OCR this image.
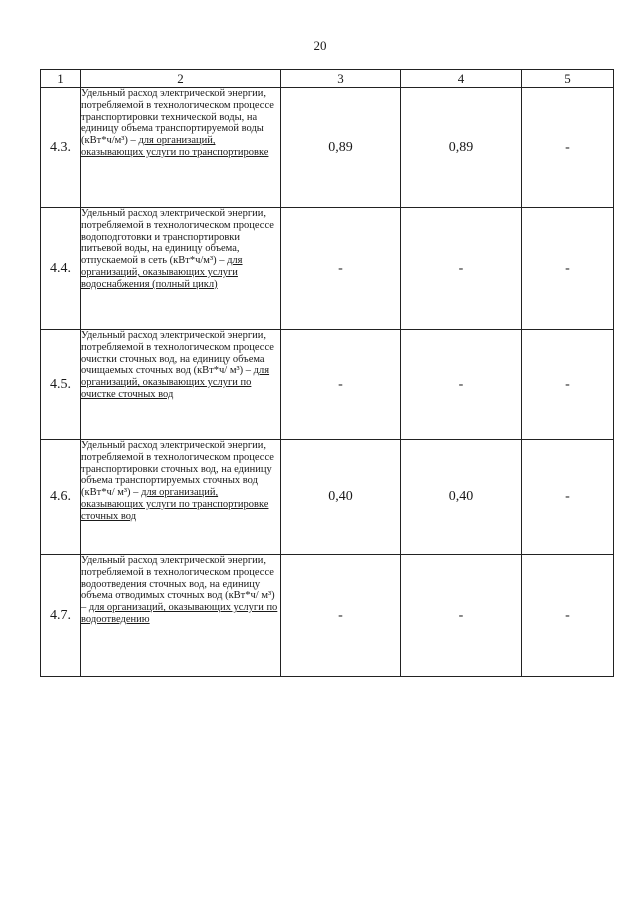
20
1	2	3	4	5
4.3.	Удельный расход электрической энергии, потребляемой в технологическом процессе транспортировки технической воды, на единицу объема транспортируемой воды (кВт*ч/м³) – для организаций, оказывающих услуги по транспортировке	0,89	0,89	-
4.4.	Удельный расход электрической энергии, потребляемой в технологическом процессе водоподготовки и транспортировки питьевой воды, на единицу объема, отпускаемой в сеть (кВт*ч/м³) – для организаций, оказывающих услуги водоснабжения (полный цикл)	-	-	-
4.5.	Удельный расход электрической энергии, потребляемой в технологическом процессе очистки сточных вод, на единицу объема очищаемых сточных вод (кВт*ч/ м³) – для организаций, оказывающих услуги по очистке сточных вод	-	-	-
4.6.	Удельный расход электрической энергии, потребляемой в технологическом процессе транспортировки сточных вод, на единицу объема транспортируемых сточных вод (кВт*ч/ м³) – для организаций, оказывающих услуги по транспортировке сточных вод	0,40	0,40	-
4.7.	Удельный расход электрической энергии, потребляемой в технологическом процессе водоотведения сточных вод, на единицу объема отводимых сточных вод (кВт*ч/ м³) – для организаций, оказывающих услуги по водоотведению	-	-	-
